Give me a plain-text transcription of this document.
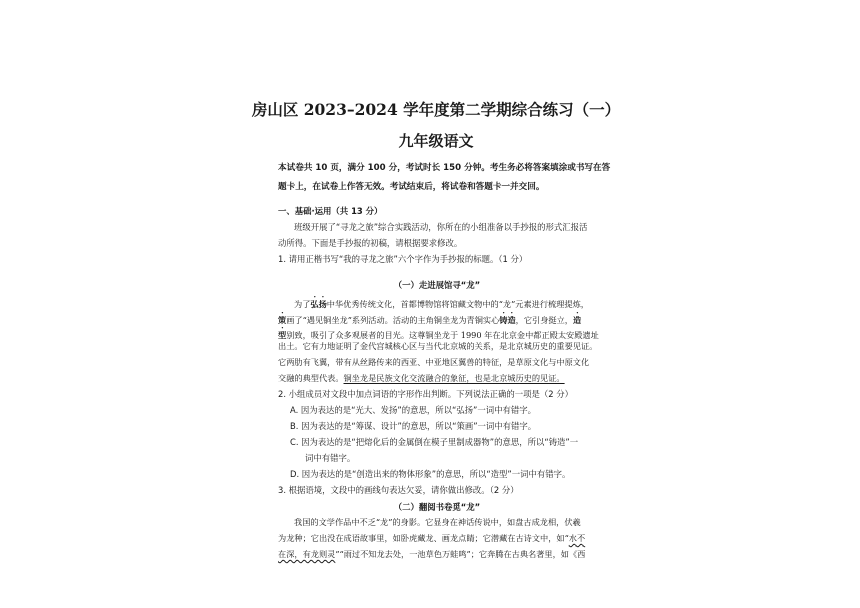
房山区 2023–2024 学年度第二学期综合练习（一）
九年级语文
本试卷共 10 页，满分 100 分，考试时长 150 分钟。考生务必将答案填涂或书写在答
题卡上，在试卷上作答无效。考试结束后，将试卷和答题卡一并交回。
一、基础·运用（共 13 分）
班级开展了“寻龙之旅”综合实践活动，你所在的小组准备以手抄报的形式汇报活
动所得。下面是手抄报的初稿，请根据要求修改。
1. 请用正楷书写“我的寻龙之旅”六个字作为手抄报的标题。（1 分）
（一）走进展馆寻“龙”
为了弘扬中华优秀传统文化，首都博物馆将馆藏文物中的“龙”元素进行梳理提炼，
策画了“遇见铜坐龙”系列活动。活动的主角铜坐龙为青铜实心铸造，它引身挺立，造
型别致，吸引了众多观展者的目光。这尊铜坐龙于 1990 年在北京金中都正殿太安殿遗址
出土。它有力地证明了金代宫城核心区与当代北京城的关系，是北京城历史的重要见证。
它两肋有飞翼，带有从丝路传来的西亚、中亚地区翼兽的特征，是草原文化与中原文化
交融的典型代表。铜坐龙是民族文化交流融合的象征，也是北京城历史的见证。
2. 小组成员对文段中加点词语的字形作出判断。下列说法正确的一项是（2 分）
A. 因为表达的是“光大、发扬”的意思，所以“弘扬”一词中有错字。
B. 因为表达的是“筹谋、设计”的意思，所以“策画”一词中有错字。
C. 因为表达的是“把熔化后的金属倒在模子里制成器物”的意思，所以“铸造”一
词中有错字。
D. 因为表达的是“创造出来的物体形象”的意思，所以“造型”一词中有错字。
3. 根据语境，文段中的画线句表达欠妥，请你做出修改。（2 分）
（二）翻阅书卷觅“龙”
我国的文学作品中不乏“龙”的身影。它显身在神话传说中，如盘古成龙相，伏羲
为龙种；它出没在成语故事里，如卧虎藏龙、画龙点睛；它潜藏在古诗文中，如“水不
在深，有龙则灵”“雨过不知龙去处，一池草色万蛙鸣”；它奔腾在古典名著里，如《西
